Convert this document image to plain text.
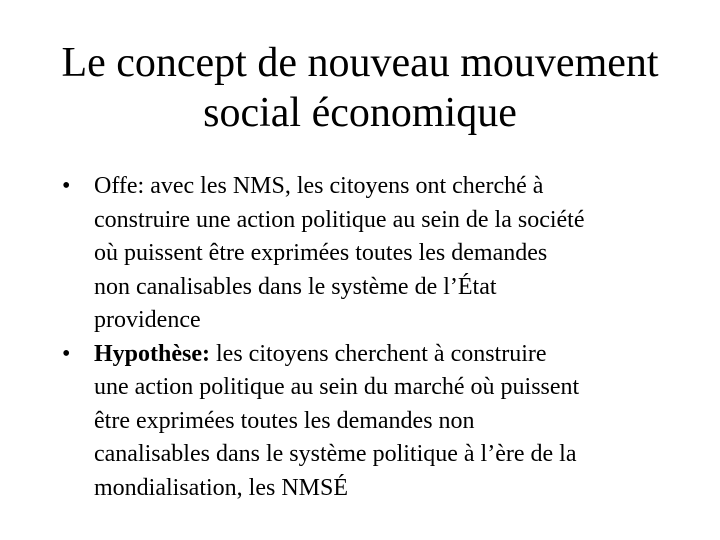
Le concept de nouveau mouvement
social économique
• Offe: avec les NMS, les citoyens ont cherché à
construire une action politique au sein de la société
où puissent être exprimées toutes les demandes
non canalisables dans le système de l’État
providence
• Hypothèse: les citoyens cherchent à construire
une action politique au sein du marché où puissent
être exprimées toutes les demandes non
canalisables dans le système politique à l’ère de la
mondialisation, les NMSÉ
